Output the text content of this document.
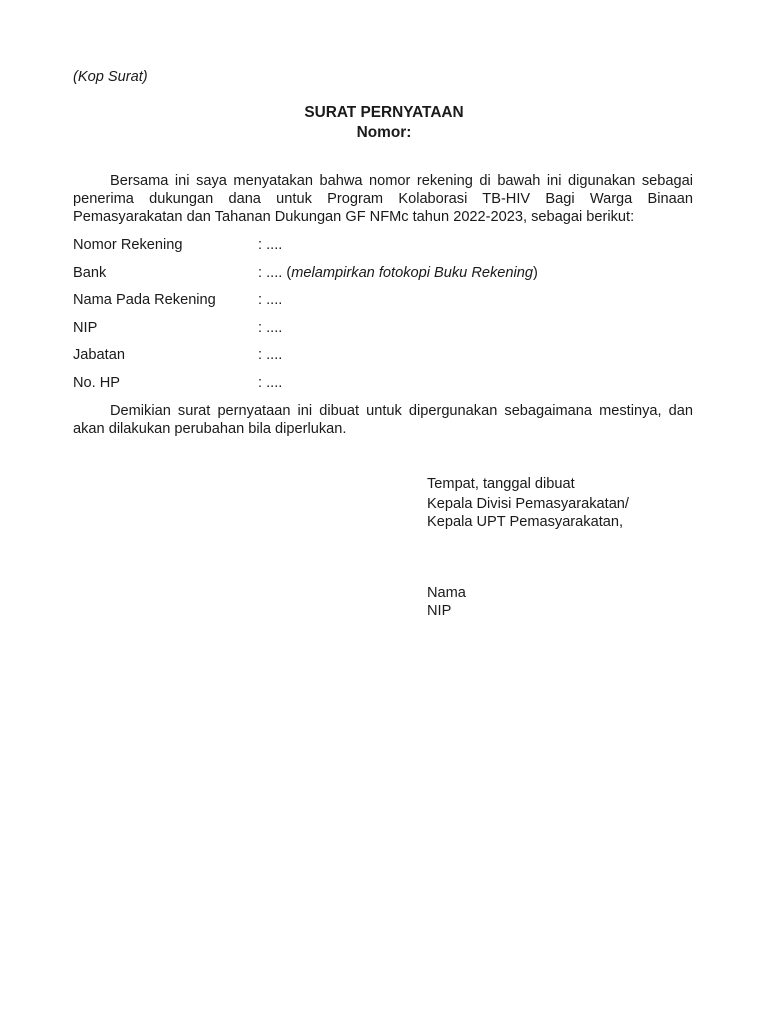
(Kop Surat)
SURAT PERNYATAAN
Nomor:
Bersama ini saya menyatakan bahwa nomor rekening di bawah ini digunakan sebagai penerima dukungan dana untuk Program Kolaborasi TB-HIV Bagi Warga Binaan Pemasyarakatan dan Tahanan Dukungan GF NFMc tahun 2022-2023, sebagai berikut:
Nomor Rekening	: ....
Bank	: .... (melampirkan fotokopi Buku Rekening)
Nama Pada Rekening	: ....
NIP	: ....
Jabatan	: ....
No. HP	: ....
Demikian surat pernyataan ini dibuat untuk dipergunakan sebagaimana mestinya, dan akan dilakukan perubahan bila diperlukan.
Tempat, tanggal dibuat
Kepala Divisi Pemasyarakatan/
Kepala UPT Pemasyarakatan,
Nama
NIP
